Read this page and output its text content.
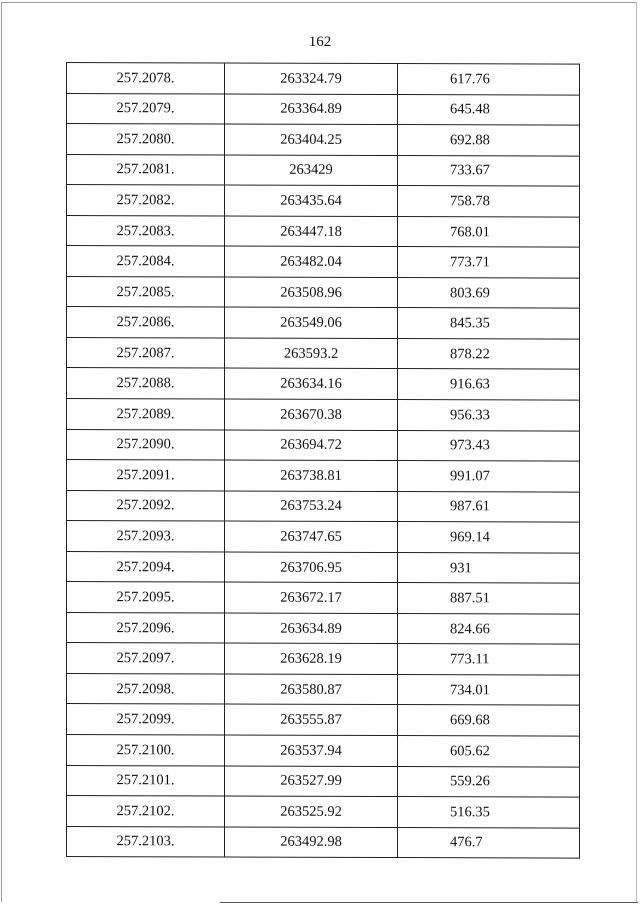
162
257.2078.	263324.79	617.76
257.2079.	263364.89	645.48
257.2080.	263404.25	692.88
257.2081.	263429	733.67
257.2082.	263435.64	758.78
257.2083.	263447.18	768.01
257.2084.	263482.04	773.71
257.2085.	263508.96	803.69
257.2086.	263549.06	845.35
257.2087.	263593.2	878.22
257.2088.	263634.16	916.63
257.2089.	263670.38	956.33
257.2090.	263694.72	973.43
257.2091.	263738.81	991.07
257.2092.	263753.24	987.61
257.2093.	263747.65	969.14
257.2094.	263706.95	931
257.2095.	263672.17	887.51
257.2096.	263634.89	824.66
257.2097.	263628.19	773.11
257.2098.	263580.87	734.01
257.2099.	263555.87	669.68
257.2100.	263537.94	605.62
257.2101.	263527.99	559.26
257.2102.	263525.92	516.35
257.2103.	263492.98	476.7
